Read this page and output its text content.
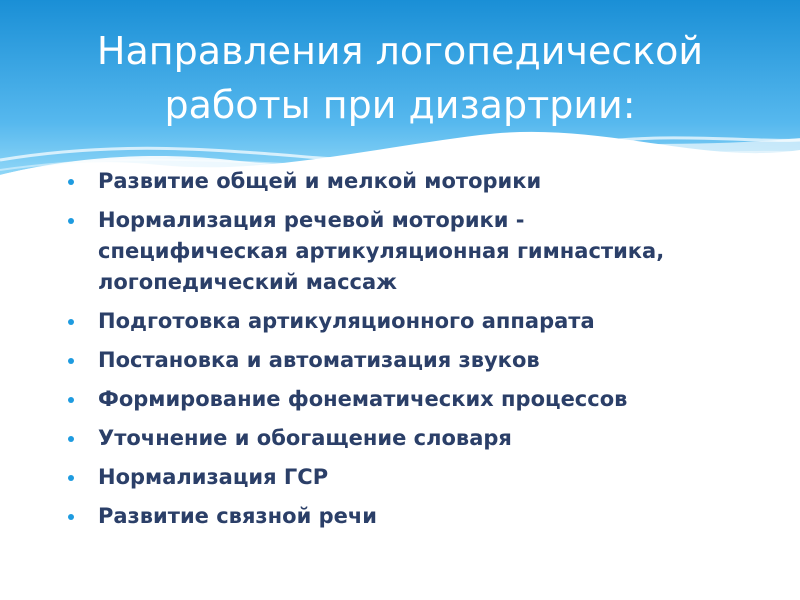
Направления логопедической
работы при дизартрии:
Развитие общей и мелкой моторики
Нормализация речевой моторики -
специфическая артикуляционная гимнастика,
логопедический массаж
Подготовка артикуляционного аппарата
Постановка и автоматизация звуков
Формирование фонематических процессов
Уточнение и обогащение словаря
Нормализация ГСР
Развитие связной речи
